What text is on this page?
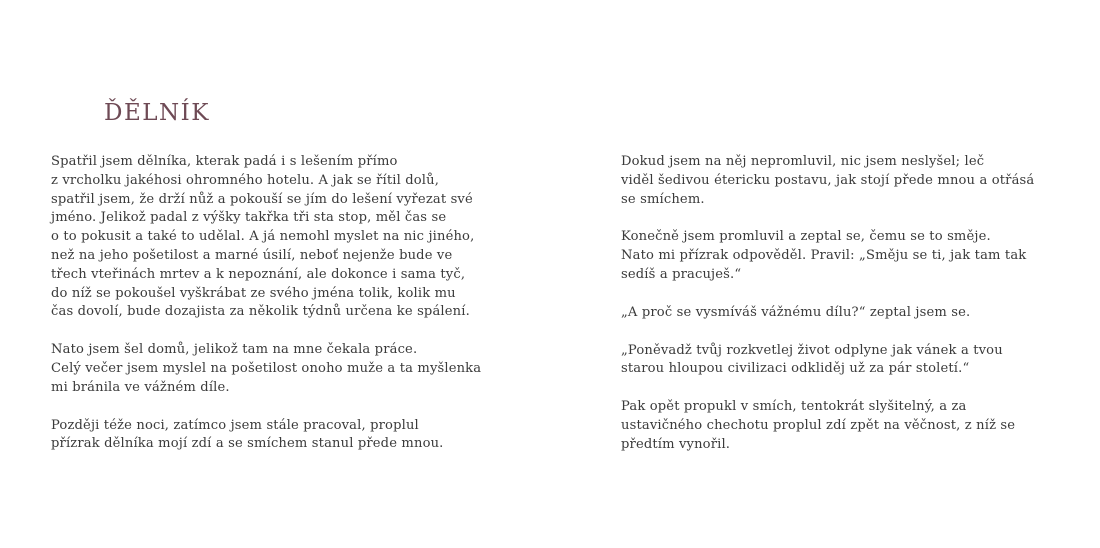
ĎĚLNÍK

Spatřil jsem dělníka, kterak padá i s lešením přímo
z vrcholku jakéhosi ohromného hotelu. A jak se řítil dolů,
spatřil jsem, že drží nůž a pokouší se jím do lešení vyřezat své
jméno. Jelikož padal z výšky takřka tři sta stop, měl čas se
o to pokusit a také to udělal. A já nemohl myslet na nic jiného,
než na jeho pošetilost a marné úsilí, neboť nejenže bude ve
třech vteřinách mrtev a k nepoznání, ale dokonce i sama tyč,
do níž se pokoušel vyškrábat ze svého jména tolik, kolik mu
čas dovolí, bude dozajista za několik týdnů určena ke spálení.

Nato jsem šel domů, jelikož tam na mne čekala práce.
Celý večer jsem myslel na pošetilost onoho muže a ta myšlenka
mi bránila ve vážném díle.

Později téže noci, zatímco jsem stále pracoval, proplul
přízrak dělníka mojí zdí a se smíchem stanul přede mnou.

Dokud jsem na něj nepromluvil, nic jsem neslyšel; leč
viděl šedivou étericku postavu, jak stojí přede mnou a otřásá
se smíchem.

Konečně jsem promluvil a zeptal se, čemu se to směje.
Nato mi přízrak odpověděl. Pravil: „Směju se ti, jak tam tak
sedíš a pracuješ.“

„A proč se vysmíváš vážnému dílu?“ zeptal jsem se.

„Poněvadž tvůj rozkvetlej život odplyne jak vánek a tvou
starou hloupou civilizaci odkliděj už za pár století.“

Pak opět propukl v smích, tentokrát slyšitelný, a za
ustavičného chechotu proplul zdí zpět na věčnost, z níž se
předtím vynořil.
